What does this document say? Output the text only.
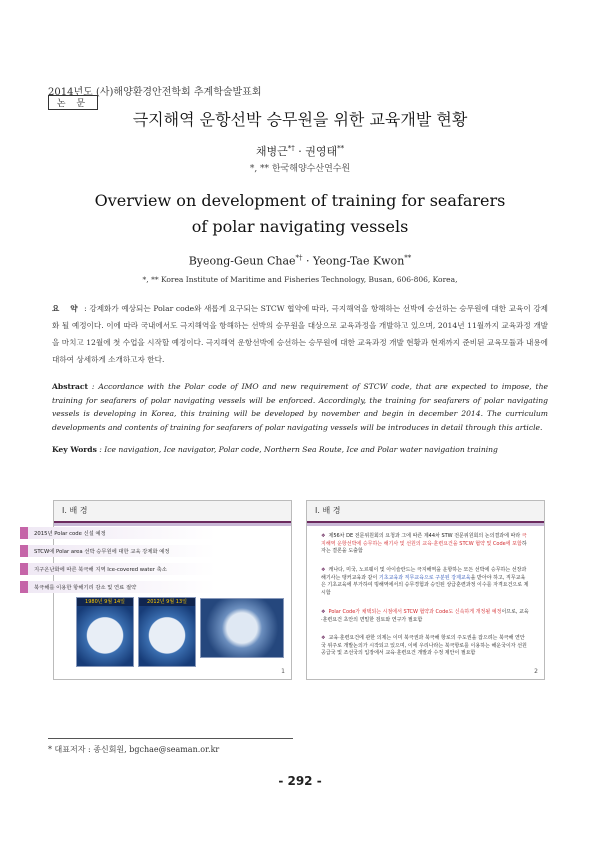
2014년도 (사)해양환경안전학회 추계학술발표회
논 문
극지해역 운항선박 승무원을 위한 교육개발 현황
채병근*† · 권영태**
*, ** 한국해양수산연수원
Overview on development of training for seafarers
of polar navigating vessels
Byeong-Geun Chae*† · Yeong-Tae Kwon**
*, ** Korea Institute of Maritime and Fisheries Technology, Busan, 606-806, Korea,
요 약 : 강제화가 예상되는 Polar code와 새롭게 요구되는 STCW 협약에 따라, 극지해역을 항해하는 선박에 승선하는 승무원에 대한 교육이 강제화 될 예정이다. 이에 따라 국내에서도 극지해역을 항해하는 선박의 승무원을 대상으로 교육과정을 개발하고 있으며, 2014년 11월까지 교육과정 개발을 마치고 12월에 첫 수업을 시작할 예정이다. 극지해역 운항선박에 승선하는 승무원에 대한 교육과정 개발 현황과 현재까지 준비된 교육모듈과 내용에 대하여 상세하게 소개하고자 한다.
Abstract : Accordance with the Polar code of IMO and new requirement of STCW code, that are expected to impose, the training for seafarers of polar navigating vessels will be enforced. Accordingly, the training for seafarers of polar navigating vessels is developing in Korea, this training will be developed by november and begin in december 2014. The curriculum developments and contents of training for seafarers of polar navigating vessels will be introduces in detail through this article.
Key Words : Ice navigation, Ice navigator, Polar code, Northern Sea Route, Ice and Polar water navigation training
Ⅰ. 배 경
1
2015년 Polar code 신설 예정
STCW에 Polar area 선박 승무원에 대한 교육 강제화 예정
지구온난화에 따른 북극해 지역 Ice-covered water 축소
북극해를 이용한 항해기리 감소 및 연료 절약
1980년 9월 14일	2012년 9월 13일
Ⅰ. 배 경
2
❖ 제56차 DE 전문위원회의 요청과 그에 따른 제44차 STW 전문위원회의 논의결과에 따라 극지해역 운항선박에 승무하는 해기사 및 선원의 교육·훈련요건을 STCW 협약 및 Code에 포함하자는 결론을 도출함
❖ 캐나다, 미국, 노르웨이 및 아이슬란드는 극지해역을 운항하는 모든 선박에 승무하는 선장과 해기사는 탱커교육과 같이 기초교육과 직무교육으로 구분된 강제교육을 받아야 하고, 직무교육은 기초교육에 부가하여 빙해역에서의 승무경험과 승인된 상급훈련과정 이수를 자격요건으로 제시함
❖ Polar Code가 채택되는 시점에서 STCW 협약과 Code도 신속하게 개정될 예정이므로, 교육·훈련요건 초안의 면밀한 검토와 연구가 필요함
❖ 교육·훈련요건에 관한 의제는 이미 북극권과 북극해 항로의 주도권을 잡으려는 북극해 연안국 위주로 개발논의가 시작되고 있으며, 이에 우리나라는 북극항로를 이용하는 해운국이자 선원공급국 및 조선국의 입장에서 교육·훈련요건 개발과 수정 제안이 필요함
* 대표저자 : 종신회원, bgchae@seaman.or.kr
- 292 -
